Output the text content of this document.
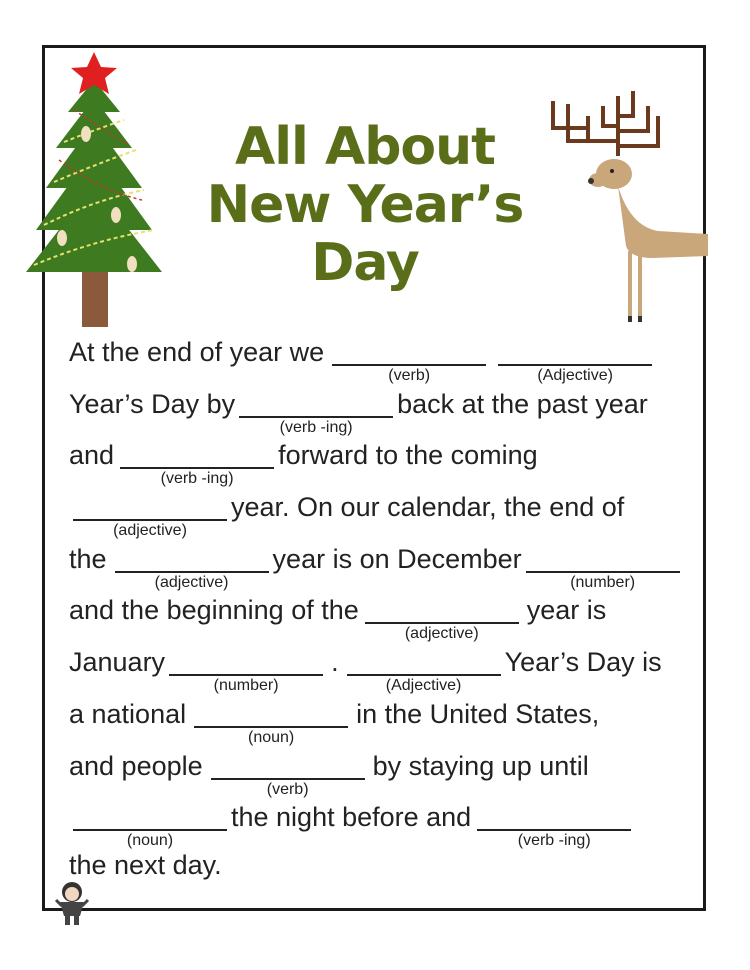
All About
New Year’s
Day
At the end of year we
(verb)	(Adjective)
Year’s Day by
(verb -ing)
back at the past year
and
(verb -ing)
forward to the coming
(adjective)
year. On our calendar, the end of
the
(adjective)
year is on December
(number)
and the beginning of the
(adjective)
year is
January
(number)
.
(Adjective)
Year’s Day is
a national
(noun)
in the United States,
and people
(verb)
by staying up until
(noun)
the night before and
(verb -ing)
the next day.
